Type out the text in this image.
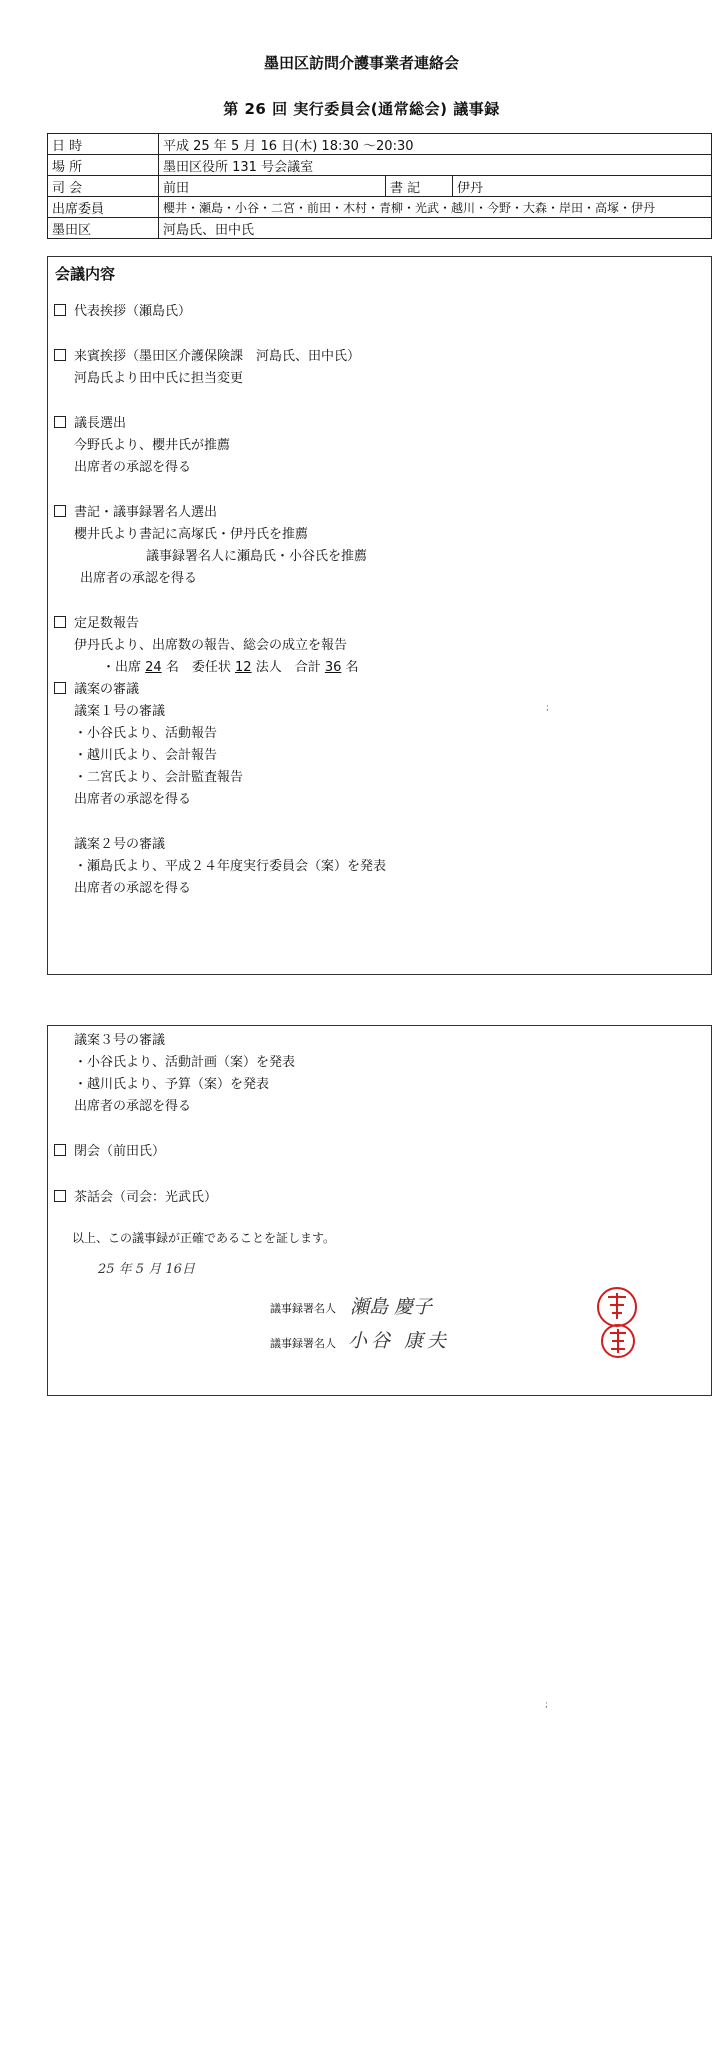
墨田区訪問介護事業者連絡会
第 26 回 実行委員会(通常総会) 議事録
日 時	平成 25 年 5 月 16 日(木) 18:30 ～20:30		
場 所	墨田区役所 131 号会議室		
司 会	前田	書 記	伊丹
出席委員	櫻井・瀬島・小谷・二宮・前田・木村・青柳・光武・越川・今野・大森・岸田・高塚・伊丹		
墨田区	河島氏、田中氏		
会議内容
代表挨拶（瀬島氏）
来賓挨拶（墨田区介護保険課　河島氏、田中氏）
河島氏より田中氏に担当変更
議長選出
今野氏より、櫻井氏が推薦
出席者の承認を得る
書記・議事録署名人選出
櫻井氏より書記に高塚氏・伊丹氏を推薦
議事録署名人に瀬島氏・小谷氏を推薦
出席者の承認を得る
定足数報告
伊丹氏より、出席数の報告、総会の成立を報告
・出席 24 名　委任状 12 法人　合計 36 名
議案の審議
議案１号の審議
・小谷氏より、活動報告
・越川氏より、会計報告
・二宮氏より、会計監査報告
出席者の承認を得る
議案２号の審議
・瀬島氏より、平成２４年度実行委員会（案）を発表
出席者の承認を得る
;
議案３号の審議
・小谷氏より、活動計画（案）を発表
・越川氏より、予算（案）を発表
出席者の承認を得る
閉会（前田氏）
茶話会（司会：光武氏）
以上、この議事録が正確であることを証します。
25 年 5 月 16日
議事録署名人 瀬島 慶子
議事録署名人 小谷 康夫
;
